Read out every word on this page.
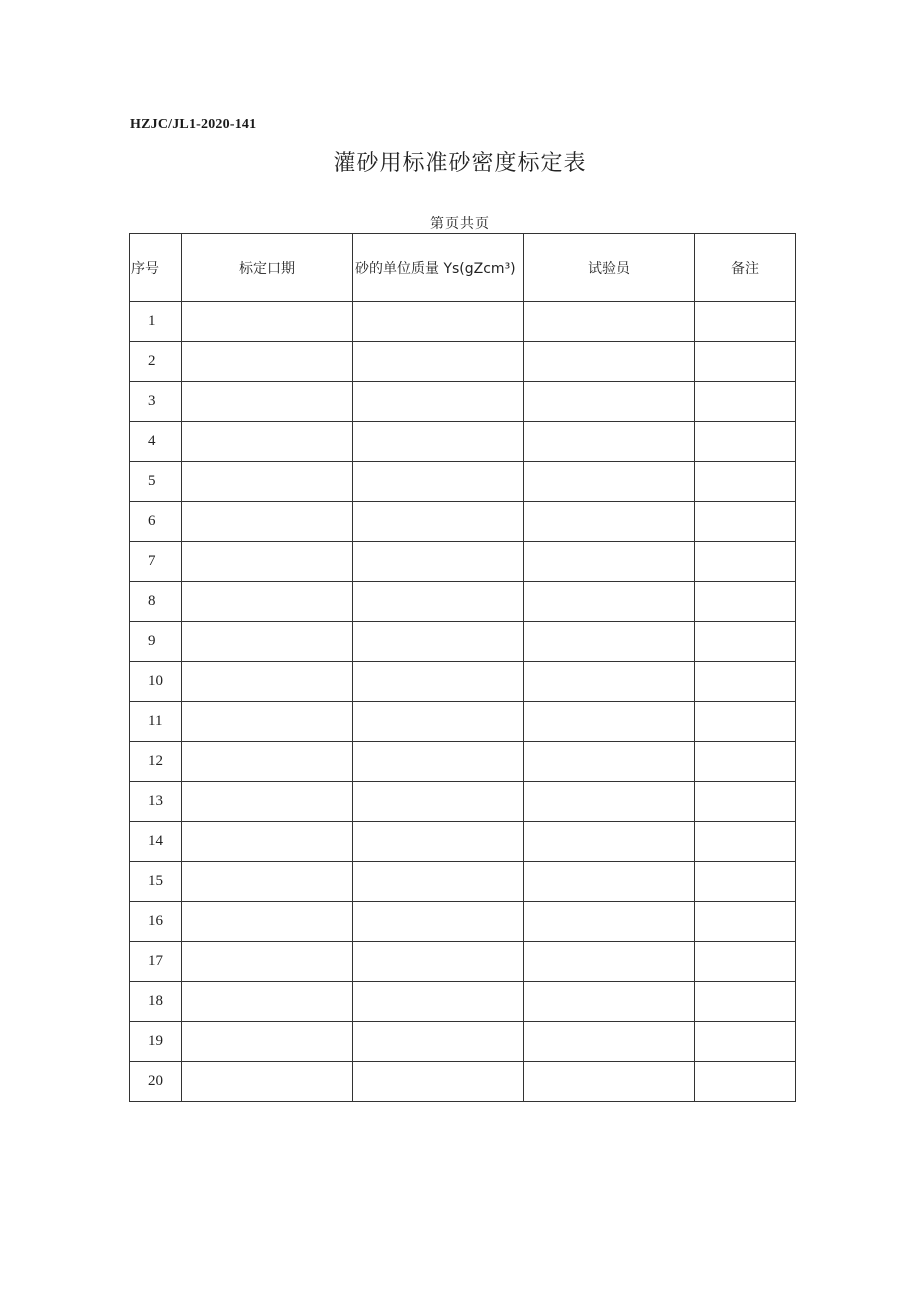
HZJC/JL1-2020-141
灌砂用标准砂密度标定表
第页共页
序号	标定口期	砂的单位质量 Ys(gZcm³)	试验员	备注
1				
2				
3				
4				
5				
6				
7				
8				
9				
10				
11				
12				
13				
14				
15				
16				
17				
18				
19				
20				
